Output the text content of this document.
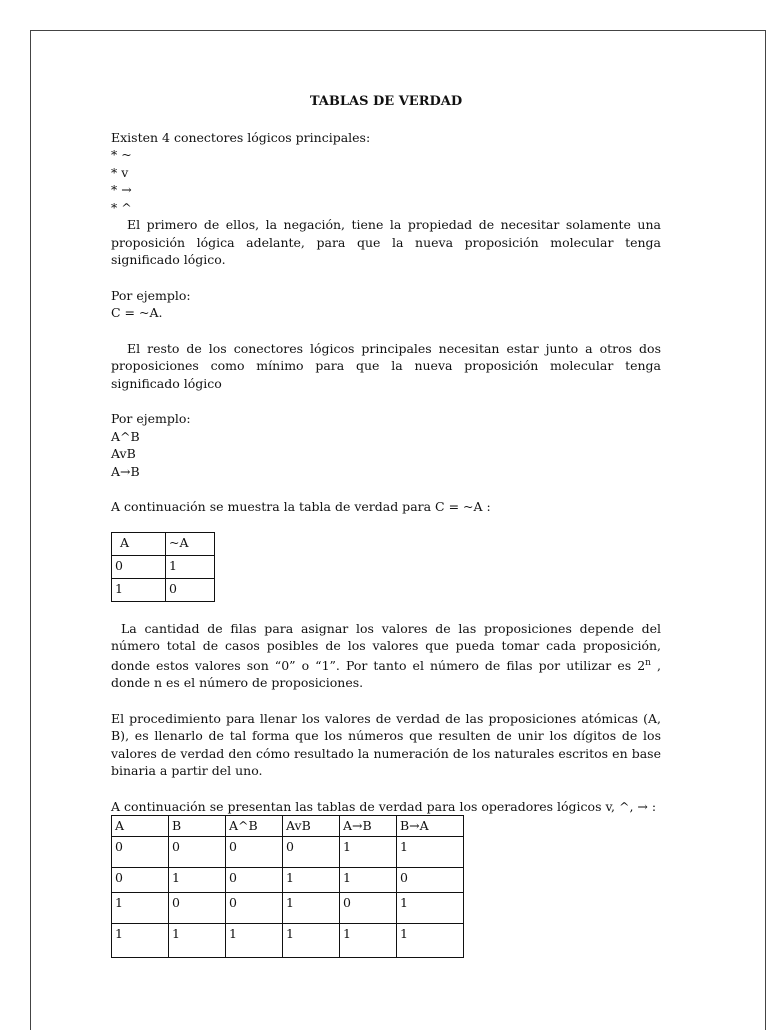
TABLAS DE VERDAD

Existen 4 conectores lógicos principales:

* ~
* v
* →
* ^

El primero de ellos, la negación, tiene la propiedad de necesitar solamente una proposición lógica adelante, para que la nueva proposición molecular tenga significado lógico.

Por ejemplo:

C = ~A.

El resto de los conectores lógicos principales necesitan estar junto a otros dos proposiciones como mínimo para que la nueva proposición molecular tenga significado lógico

Por ejemplo:

A^B
AvB
A→B

A continuación se muestra la tabla de verdad para C = ~A :

A	~A
0	1
1	0

La cantidad de filas para asignar los valores de las proposiciones depende del número total de casos posibles de los valores que pueda tomar cada proposición, donde estos valores son “0” o “1”. Por tanto el número de filas por utilizar es 2$^n$ , donde n es el número de proposiciones.

El procedimiento para llenar los valores de verdad de las proposiciones atómicas (A, B), es llenarlo de tal forma que los números que resulten de unir los dígitos de los valores de verdad den cómo resultado la numeración de los naturales escritos en base binaria a partir del uno.

A continuación se presentan las tablas de verdad para los operadores lógicos v, ^, → :

A	B	A^B	AvB	A→B	B→A
0	0	0	0	1	1
0	1	0	1	1	0
1	0	0	1	0	1
1	1	1	1	1	1
